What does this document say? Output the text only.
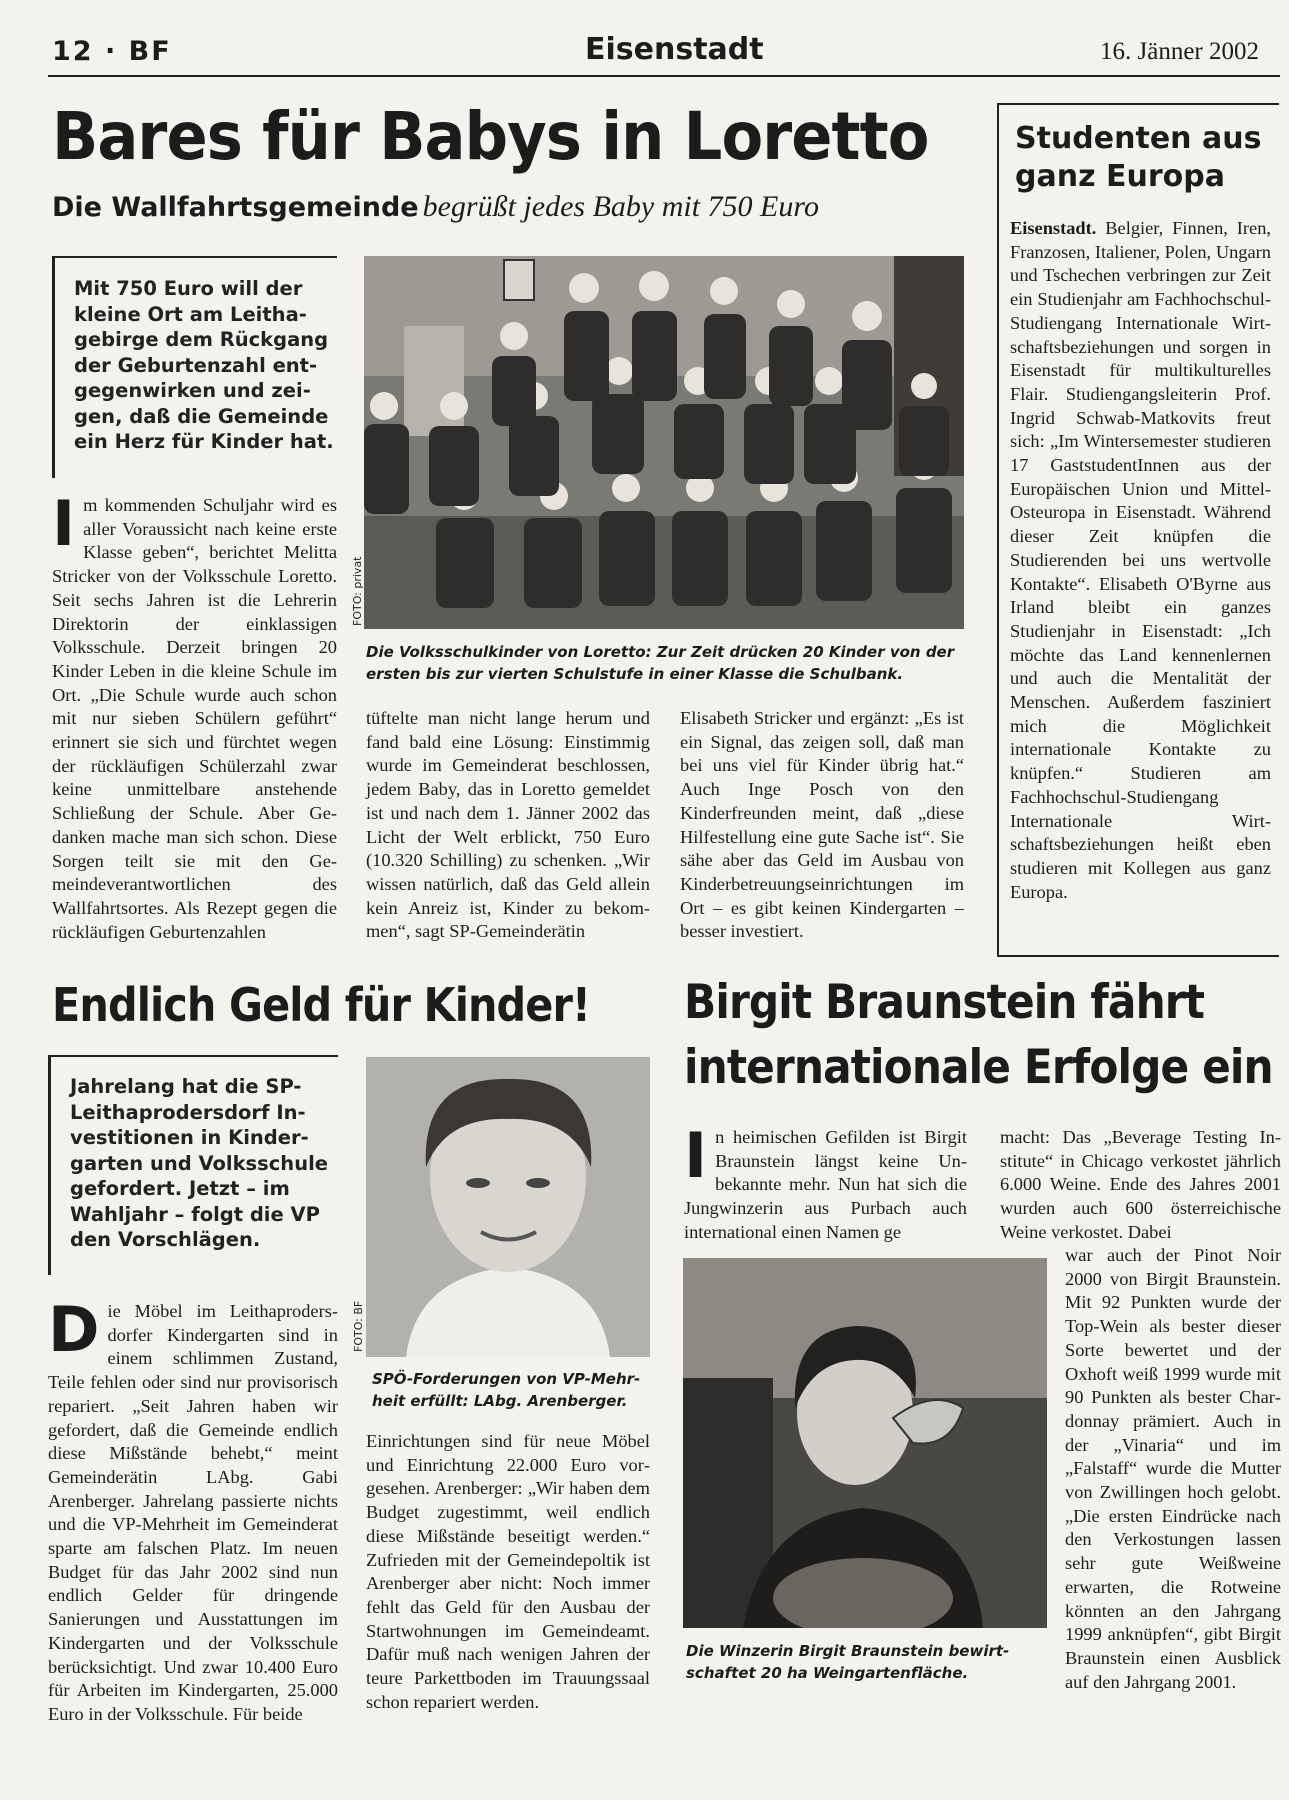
12 · BF	Eisenstadt	16. Jänner 2002
Bares für Babys in Loretto
Die Wallfahrtsgemeinde begrüßt jedes Baby mit 750 Euro
Mit 750 Euro will der kleine Ort am Leithagebirge dem Rückgang der Geburtenzahl entgegenwirken und zeigen, daß die Gemeinde ein Herz für Kinder hat.
Im kommenden Schuljahr wird es aller Voraussicht nach keine erste Klasse geben“, berichtet Melitta Stricker von der Volksschule Loretto. Seit sechs Jahren ist die Lehrerin Direktorin der einklassigen Volksschule. Derzeit bringen 20 Kinder Leben in die kleine Schule im Ort. „Die Schule wurde auch schon mit nur sieben Schülern geführt“ erinnert sie sich und fürchtet wegen der rückläufigen Schülerzahl zwar keine unmittelbare anstehende Schließung der Schule. Aber Gedanken mache man sich schon. Diese Sorgen teilt sie mit den Gemeindeverantwortlichen des Wallfahrtsortes. Als Rezept gegen die rückläufigen Geburtenzahlen
FOTO: privat
Die Volksschulkinder von Loretto: Zur Zeit drücken 20 Kinder von der ersten bis zur vierten Schulstufe in einer Klasse die Schulbank.
tüftelte man nicht lange herum und fand bald eine Lösung: Einstimmig wurde im Gemeinderat beschlossen, jedem Baby, das in Loretto gemeldet ist und nach dem 1. Jänner 2002 das Licht der Welt erblickt, 750 Euro (10.320 Schilling) zu schenken. „Wir wissen natürlich, daß das Geld allein kein Anreiz ist, Kinder zu bekommen“, sagt SP-Gemeinderätin
Elisabeth Stricker und ergänzt: „Es ist ein Signal, das zeigen soll, daß man bei uns viel für Kinder übrig hat.“ Auch Inge Posch von den Kinderfreunden meint, daß „diese Hilfestellung eine gute Sache ist“. Sie sähe aber das Geld im Ausbau von Kinderbetreuungseinrichtungen im Ort – es gibt keinen Kindergarten – besser investiert.
Studenten aus ganz Europa
Eisenstadt. Belgier, Finnen, Iren, Franzosen, Italiener, Polen, Ungarn und Tschechen verbringen zur Zeit ein Studienjahr am Fachhochschul-Studiengang Internationale Wirtschaftsbeziehungen und sorgen in Eisenstadt für multikulturelles Flair. Studiengangsleiterin Prof. Ingrid Schwab-Matkovits freut sich: „Im Wintersemester studieren 17 GaststudentInnen aus der Europäischen Union und Mittel-Osteuropa in Eisenstadt. Während dieser Zeit knüpfen die Studierenden bei uns wertvolle Kontakte“. Elisabeth O'Byrne aus Irland bleibt ein ganzes Studienjahr in Eisenstadt: „Ich möchte das Land kennenlernen und auch die Mentalität der Menschen. Außerdem fasziniert mich die Möglichkeit internationale Kontakte zu knüpfen.“ Studieren am Fachhochschul-Studiengang Internationale Wirtschaftsbeziehungen heißt eben studieren mit Kollegen aus ganz Europa.
Endlich Geld für Kinder!
Jahrelang hat die SP-Leithaprodersdorf Investitionen in Kindergarten und Volksschule gefordert. Jetzt – im Wahljahr – folgt die VP den Vorschlägen.
Die Möbel im Leithaprodersdorfer Kindergarten sind in einem schlimmen Zustand, Teile fehlen oder sind nur provisorisch repariert. „Seit Jahren haben wir gefordert, daß die Gemeinde endlich diese Mißstände behebt,“ meint Gemeinderätin LAbg. Gabi Arenberger. Jahrelang passierte nichts und die VP-Mehrheit im Gemeinderat sparte am falschen Platz. Im neuen Budget für das Jahr 2002 sind nun endlich Gelder für dringende Sanierungen und Ausstattungen im Kindergarten und der Volksschule berücksichtigt. Und zwar 10.400 Euro für Arbeiten im Kindergarten, 25.000 Euro in der Volksschule. Für beide
FOTO: BF
SPÖ-Forderungen von VP-Mehrheit erfüllt: LAbg. Arenberger.
Einrichtungen sind für neue Möbel und Einrichtung 22.000 Euro vorgesehen. Arenberger: „Wir haben dem Budget zugestimmt, weil endlich diese Mißstände beseitigt werden.“ Zufrieden mit der Gemeindepoltik ist Arenberger aber nicht: Noch immer fehlt das Geld für den Ausbau der Startwohnungen im Gemeindeamt. Dafür muß nach wenigen Jahren der teure Parkettboden im Trauungssaal schon repariert werden.
Birgit Braunstein fährt
internationale Erfolge ein
In heimischen Gefilden ist Birgit Braunstein längst keine Unbekannte mehr. Nun hat sich die Jungwinzerin aus Purbach auch international einen Namen ge
macht: Das „Beverage Testing Institute“ in Chicago verkostet jährlich 6.000 Weine. Ende des Jahres 2001 wurden auch 600 österreichische Weine verkostet. Dabei
Die Winzerin Birgit Braunstein bewirtschaftet 20 ha Weingartenfläche.
war auch der Pinot Noir 2000 von Birgit Braunstein. Mit 92 Punkten wurde der Top-Wein als bester dieser Sorte bewertet und der Oxhoft weiß 1999 wurde mit 90 Punkten als bester Chardonnay prämiert. Auch in der „Vinaria“ und im „Falstaff“ wurde die Mutter von Zwillingen hoch gelobt. „Die ersten Eindrücke nach den Verkostungen lassen sehr gute Weißweine erwarten, die Rotweine könnten an den Jahrgang 1999 anknüpfen“, gibt Birgit Braunstein einen Ausblick auf den Jahrgang 2001.
